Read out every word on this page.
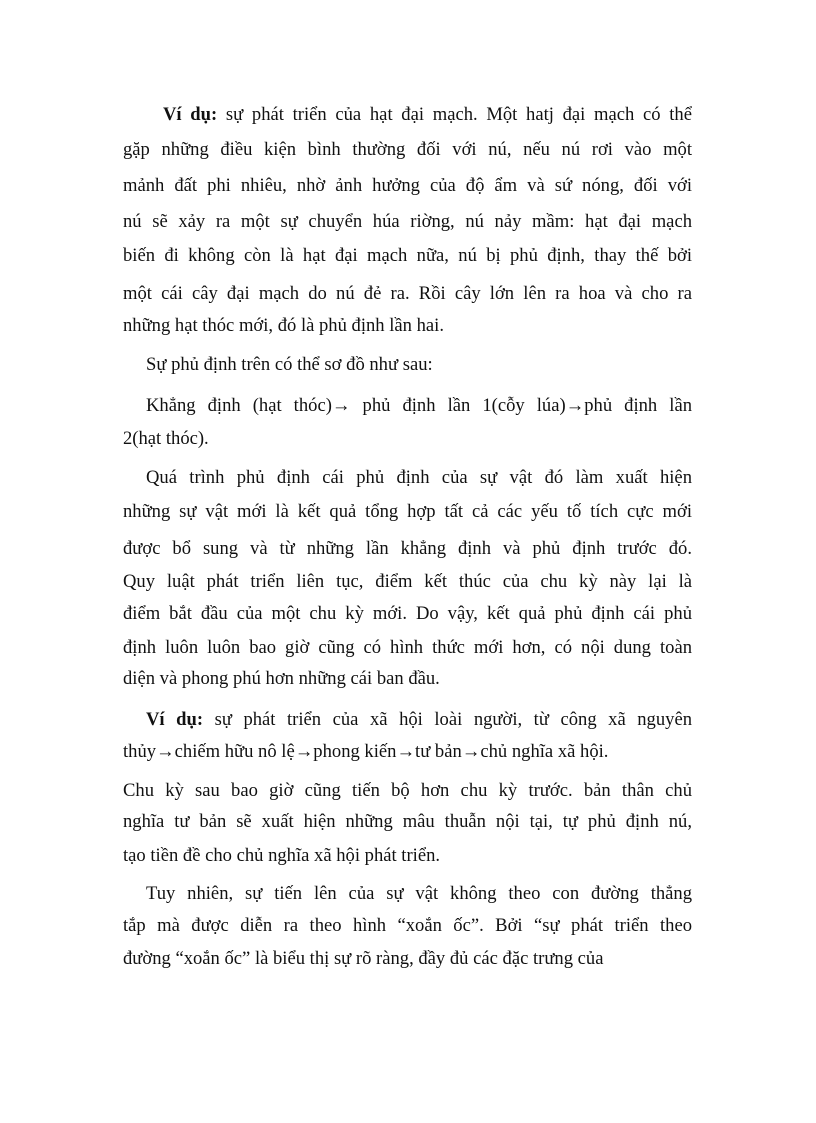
Ví dụ: sự phát triển của hạt đại mạch. Một hatj đại mạch có thể
gặp những điều kiện bình thường đối với nú, nếu nú rơi vào một
mảnh đất phi nhiêu, nhờ ảnh hưởng của độ ẩm và sứ nóng, đối với
nú sẽ xảy ra một sự chuyển húa riờng, nú nảy mầm: hạt đại mạch
biến đi không còn là hạt đại mạch nữa, nú bị phủ định, thay thế bởi
một cái cây đại mạch do nú đẻ ra. Rồi cây lớn lên ra hoa và cho ra
những hạt thóc mới, đó là phủ định lần hai.
Sự phủ định trên có thể sơ đồ như sau:
Khẳng định (hạt thóc)→ phủ định lần 1(cỗy lúa)→phủ định lần
2(hạt thóc).
Quá trình phủ định cái phủ định của sự vật đó làm xuất hiện
những sự vật mới là kết quả tổng hợp tất cả các yếu tố tích cực mới
được bổ sung và từ những lần khẳng định và phủ định trước đó.
Quy luật phát triển liên tục, điểm kết thúc của chu kỳ này lại là
điểm bắt đầu của một chu kỳ mới. Do vậy, kết quả phủ định cái phủ
định luôn luôn bao giờ cũng có hình thức mới hơn, có nội dung toàn
diện và phong phú hơn những cái ban đầu.
Ví dụ: sự phát triển của xã hội loài người, từ công xã nguyên
thủy→chiếm hữu nô lệ→phong kiến→tư bản→chủ nghĩa xã hội.
Chu kỳ sau bao giờ cũng tiến bộ hơn chu kỳ trước. bản thân chủ
nghĩa tư bản sẽ xuất hiện những mâu thuẫn nội tại, tự phủ định nú,
tạo tiền đề cho chủ nghĩa xã hội phát triển.
Tuy nhiên, sự tiến lên của sự vật không theo con đường thẳng
tắp mà được diễn ra theo hình “xoắn ốc”. Bởi “sự phát triển theo
đường “xoắn ốc” là biểu thị sự rõ ràng, đầy đủ các đặc trưng của
